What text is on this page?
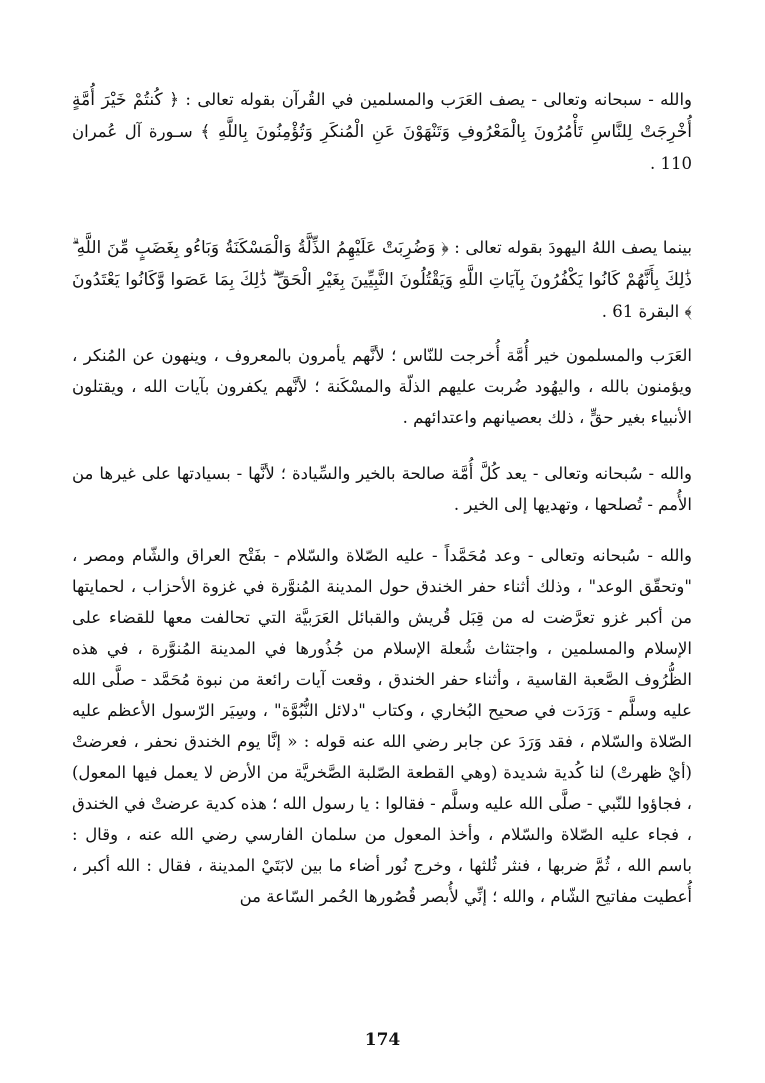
والله - سبحانه وتعالى - يصف العَرَب والمسلمين في القُرآن بقوله تعالى : ﴿ كُنتُمْ خَيْرَ أُمَّةٍ أُخْرِجَتْ لِلنَّاسِ تَأْمُرُونَ بِالْمَعْرُوفِ وَتَنْهَوْنَ عَنِ الْمُنكَرِ وَتُؤْمِنُونَ بِاللَّهِ ﴾ سـورة آل عُمران 110 .

بينما يصف اللهُ اليهودَ بقوله تعالى : ﴿ وَضُرِبَتْ عَلَيْهِمُ الذِّلَّةُ وَالْمَسْكَنَةُ وَبَاءُو بِغَضَبٍ مِّنَ اللَّهِ ۗ ذَٰلِكَ بِأَنَّهُمْ كَانُوا يَكْفُرُونَ بِآيَاتِ اللَّهِ وَيَقْتُلُونَ النَّبِيِّينَ بِغَيْرِ الْحَقِّ ۗ ذَٰلِكَ بِمَا عَصَوا وَّكَانُوا يَعْتَدُونَ ﴾ البقرة 61 .

العَرَب والمسلمون خير أُمَّة أُخرجت للنّاس ؛ لأنَّهم يأمرون بالمعروف ، وينهون عن المُنكر ، ويؤمنون بالله ، واليهُود ضُربت عليهم الذلّة والمسْكَنة ؛ لأنَّهم يكفرون بآيات الله ، ويقتلون الأنبياء بغير حقٍّ ، ذلك بعصيانهم واعتدائهم .

والله - سُبحانه وتعالى - يعد كُلَّ أُمَّة صالحة بالخير والسِّيادة ؛ لأنَّها - بسيادتها على غيرها من الأُمم - تُصلحها ، وتهديها إلى الخير .

والله - سُبحانه وتعالى - وعد مُحَمَّداً - عليه الصّلاة والسّلام - بفَتْح العراق والشّام ومصر ، "وتحقّق الوعد" ، وذلك أثناء حفر الخندق حول المدينة المُنوَّرة في غزوة الأحزاب ، لحمايتها من أكبر غزو تعرَّضت له من قِبَل قُريش والقبائل العَرَبيَّة التي تحالفت معها للقضاء على الإسلام والمسلمين ، واجتثاث شُعلة الإسلام من جُذُورها في المدينة المُنوَّرة ، في هذه الظُّرُوف الصَّعبة القاسية ، وأثناء حفر الخندق ، وقعت آيات رائعة من نبوة مُحَمَّد - صلَّى الله عليه وسلَّم - وَرَدَت في صحيح البُخاري ، وكتاب "دلائل النُّبُوَّة" ، وسِيَر الرّسول الأعظم عليه الصّلاة والسّلام ، فقد وَرَدَ عن جابر رضي الله عنه قوله : « إنَّا يوم الخندق نحفر ، فعرضتْ (أيْ ظهرتْ) لنا كُدية شديدة (وهي القطعة الصّلبة الصَّخريَّة من الأرض لا يعمل فيها المعول) ، فجاؤوا للنّبي - صلَّى الله عليه وسلَّم - فقالوا : يا رسول الله ؛ هذه كدية عرضتْ في الخندق ، فجاء عليه الصّلاة والسّلام ، وأخذ المعول من سلمان الفارسي رضي الله عنه ، وقال : باسم الله ، ثُمَّ ضربها ، فنثر ثُلثها ، وخرج نُور أضاء ما بين لابَتَيْ المدينة ، فقال : الله أكبر ، أُعطيت مفاتيح الشّام ، والله ؛ إنِّي لأُبصر قُصُورها الحُمر السّاعة من

174
